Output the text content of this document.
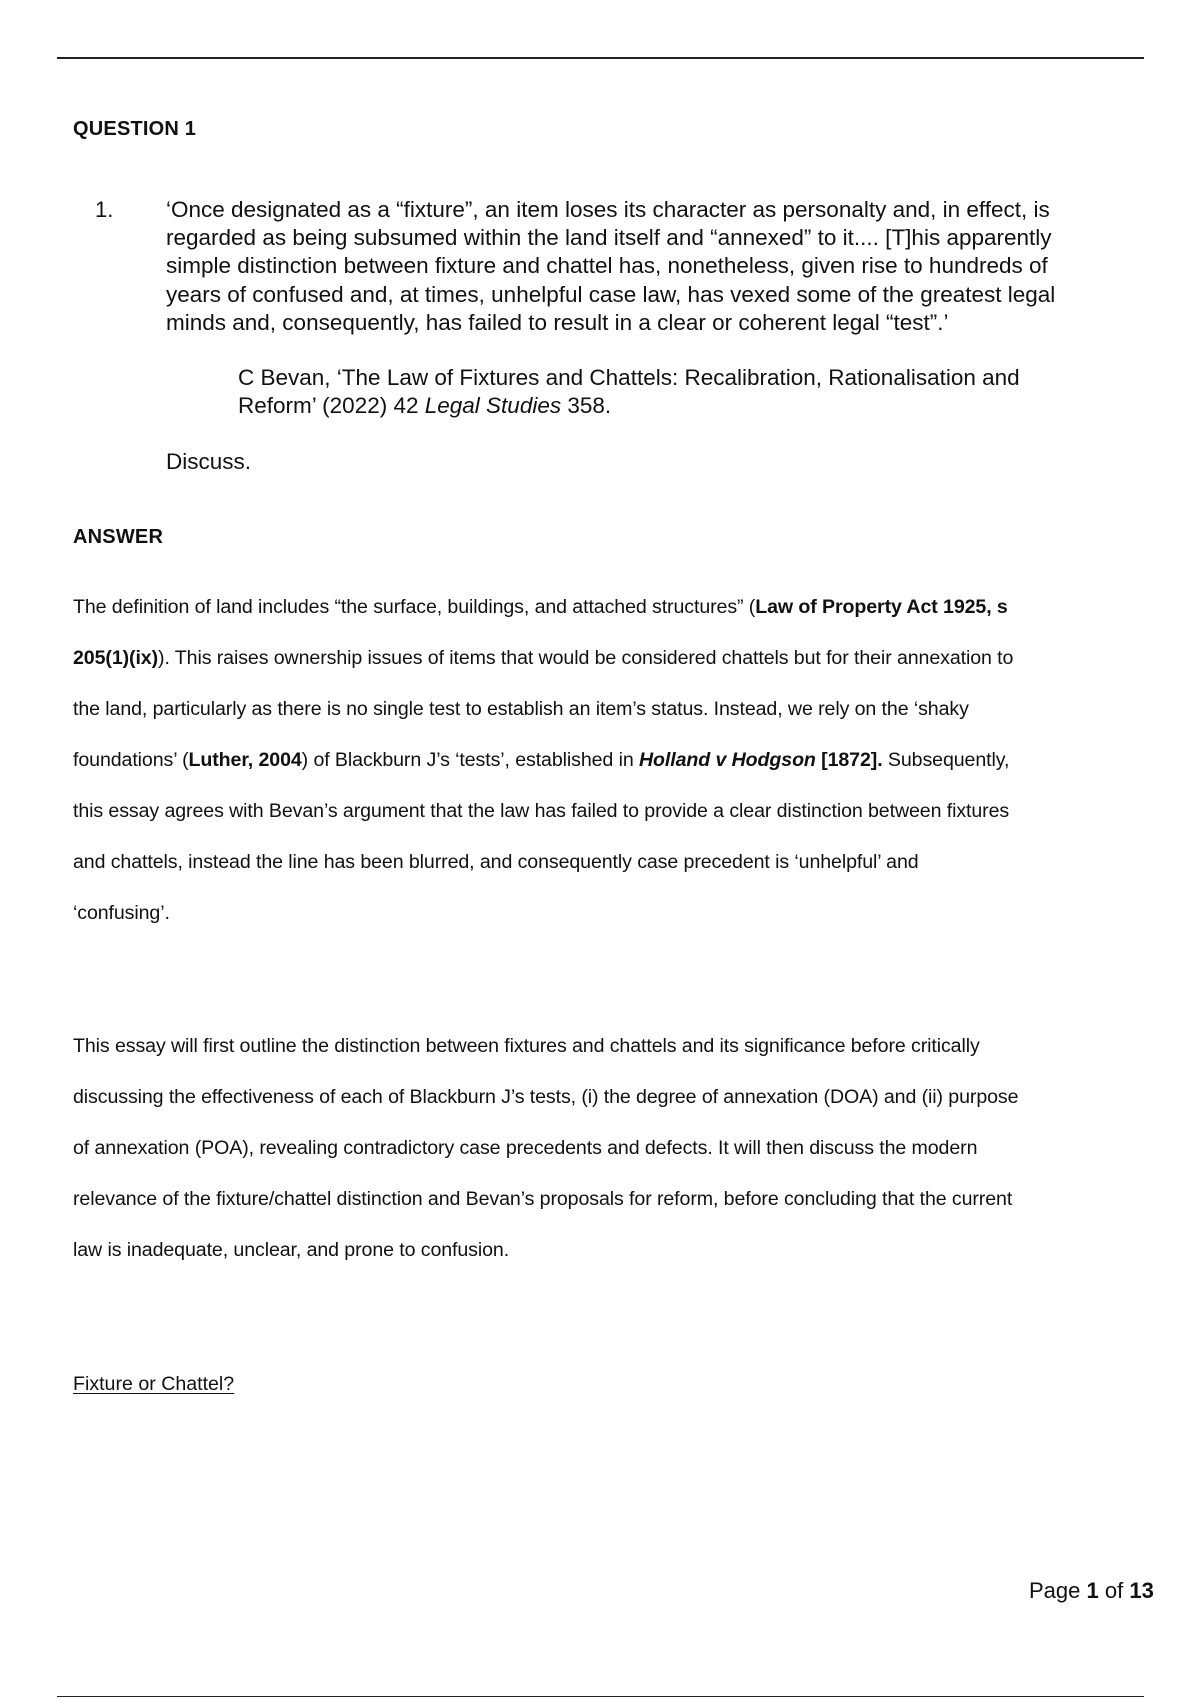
QUESTION 1
1. ‘Once designated as a “fixture”, an item loses its character as personalty and, in effect, is
regarded as being subsumed within the land itself and “annexed” to it.... [T]his apparently
simple distinction between fixture and chattel has, nonetheless, given rise to hundreds of
years of confused and, at times, unhelpful case law, has vexed some of the greatest legal
minds and, consequently, has failed to result in a clear or coherent legal “test”.’
C Bevan, ‘The Law of Fixtures and Chattels: Recalibration, Rationalisation and
Reform’ (2022) 42 Legal Studies 358.
Discuss.
ANSWER
The definition of land includes “the surface, buildings, and attached structures” (Law of Property Act 1925, s
205(1)(ix)). This raises ownership issues of items that would be considered chattels but for their annexation to
the land, particularly as there is no single test to establish an item’s status. Instead, we rely on the ‘shaky
foundations’ (Luther, 2004) of Blackburn J’s ‘tests’, established in Holland v Hodgson [1872]. Subsequently,
this essay agrees with Bevan’s argument that the law has failed to provide a clear distinction between fixtures
and chattels, instead the line has been blurred, and consequently case precedent is ‘unhelpful’ and
‘confusing’.
This essay will first outline the distinction between fixtures and chattels and its significance before critically
discussing the effectiveness of each of Blackburn J’s tests, (i) the degree of annexation (DOA) and (ii) purpose
of annexation (POA), revealing contradictory case precedents and defects. It will then discuss the modern
relevance of the fixture/chattel distinction and Bevan’s proposals for reform, before concluding that the current
law is inadequate, unclear, and prone to confusion.
Fixture or Chattel?
Page 1 of 13
